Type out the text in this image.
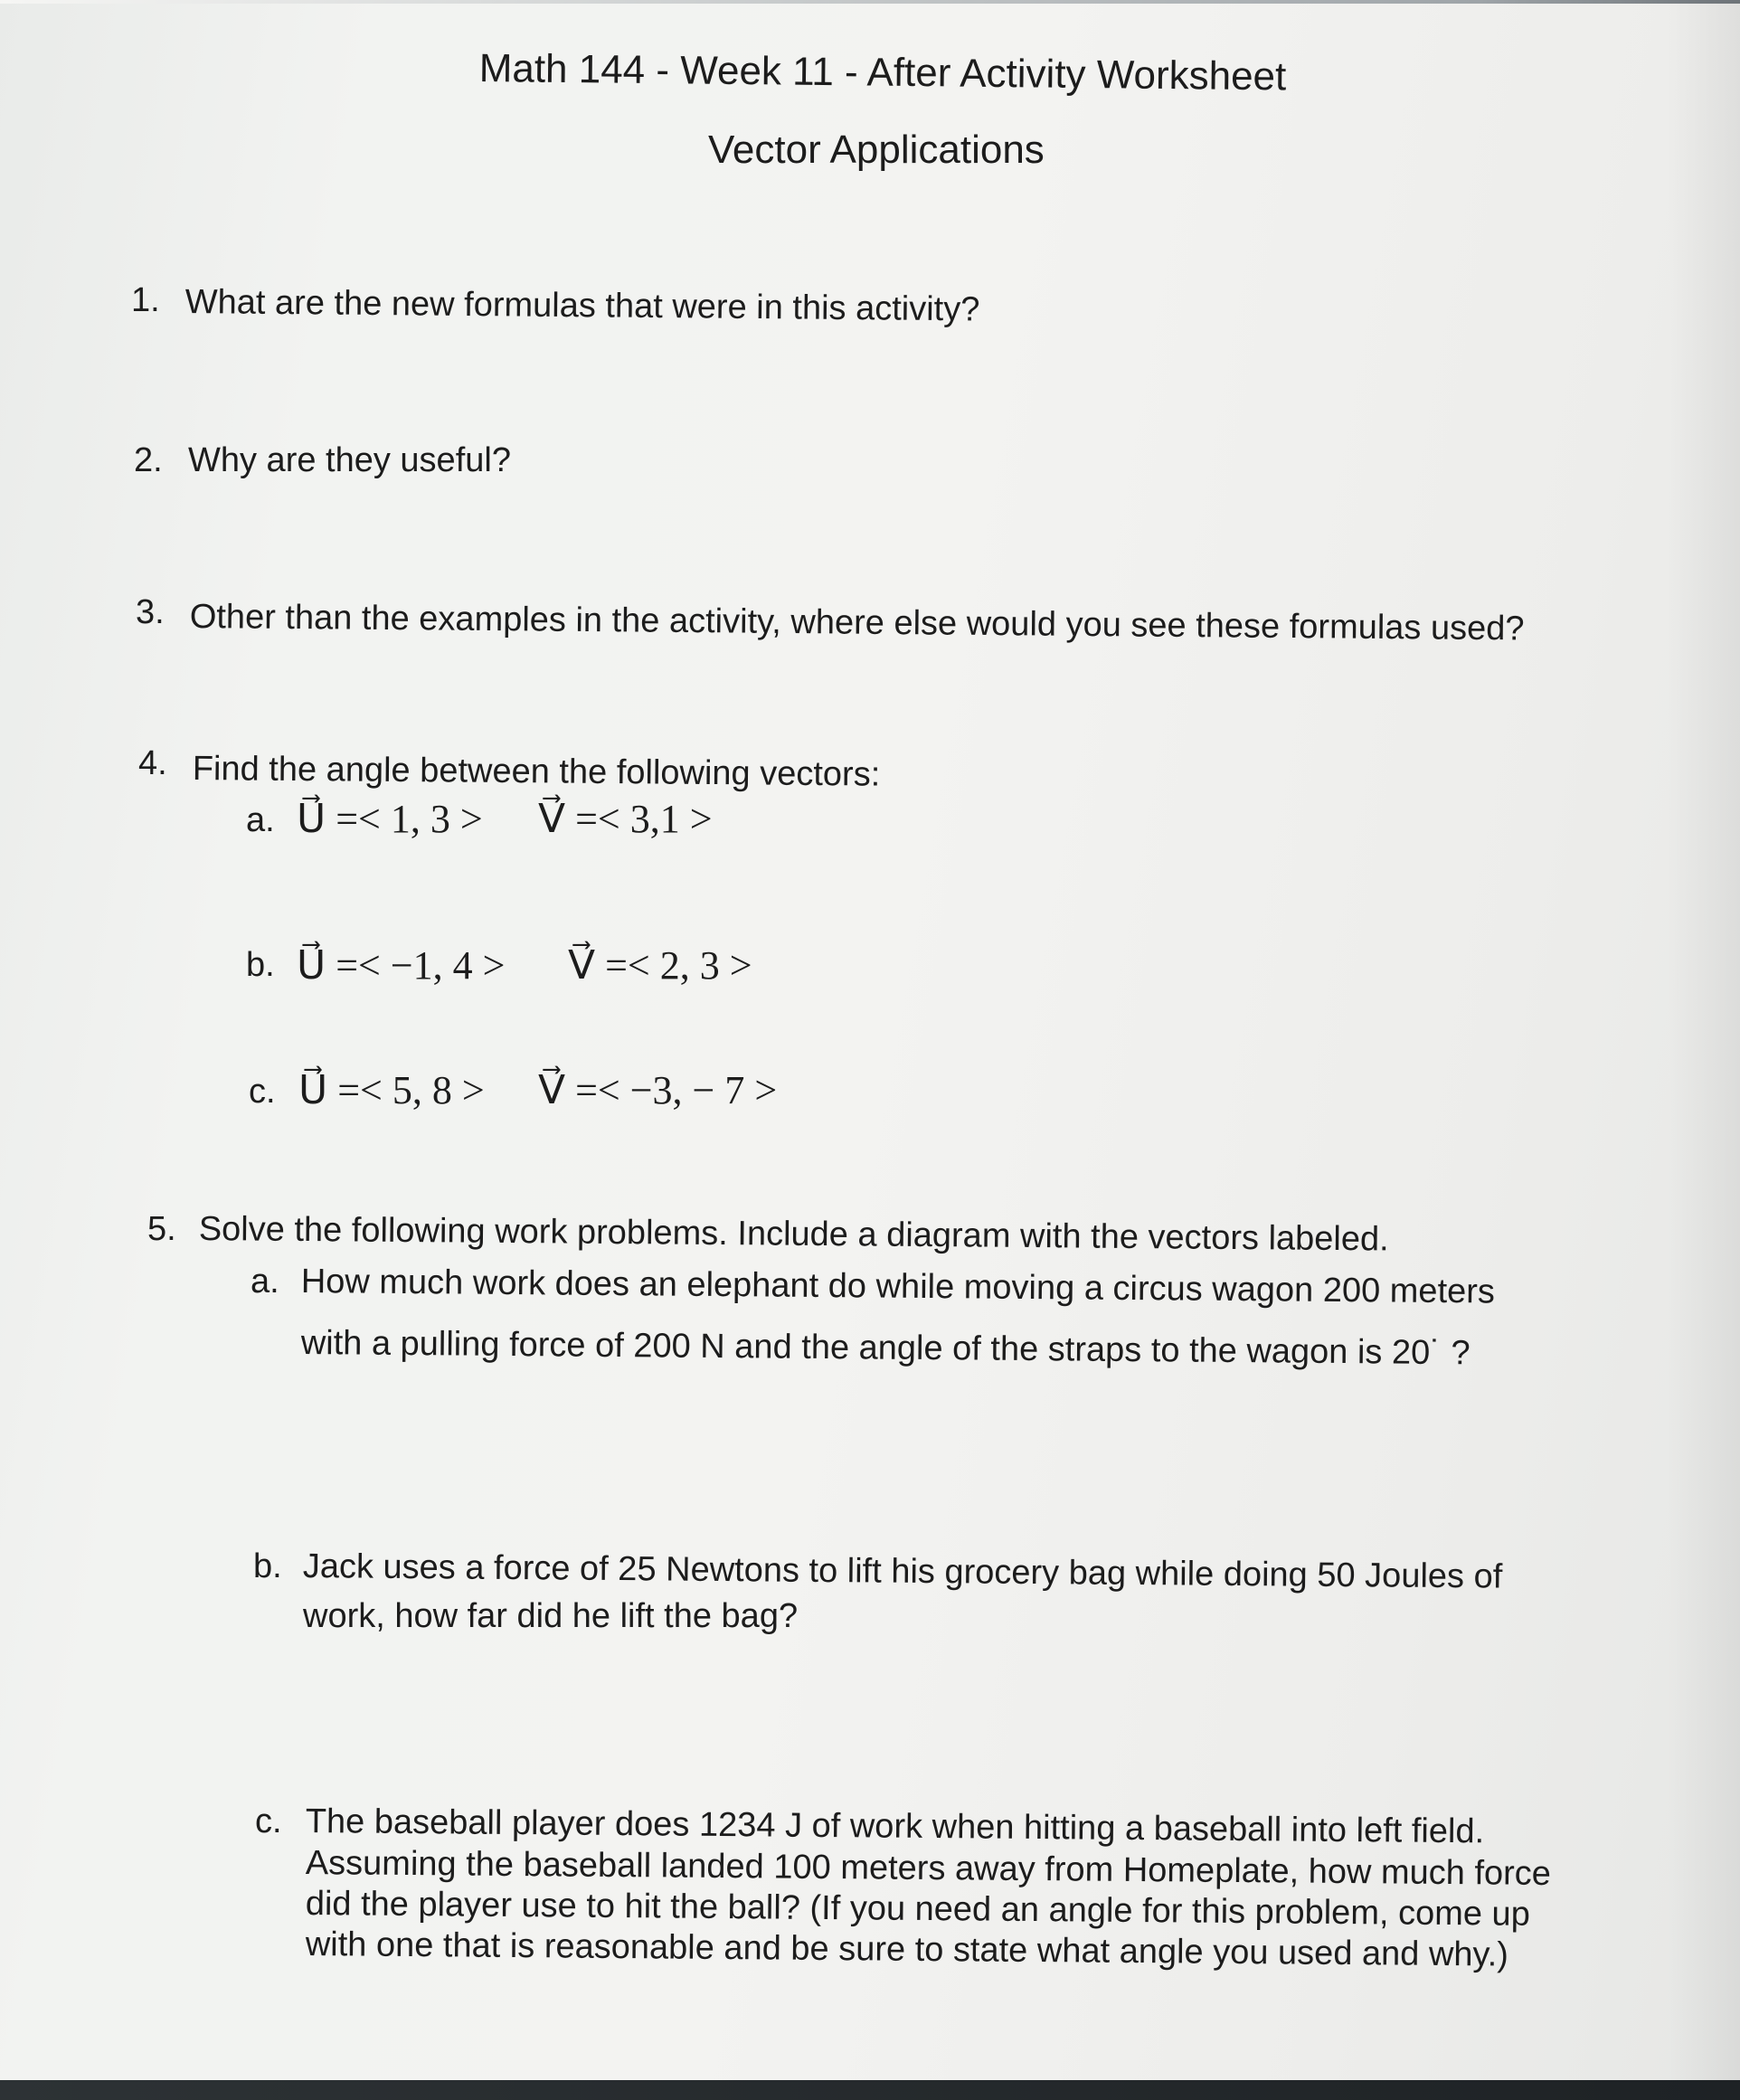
Math 144 - Week 11 - After Activity Worksheet
Vector Applications
1. What are the new formulas that were in this activity?
2. Why are they useful?
3. Other than the examples in the activity, where else would you see these formulas used?
4. Find the angle between the following vectors:
a. U⃗ =< 1, 3 > V⃗ =< 3,1 >
b. U⃗ =< −1, 4 > V⃗ =< 2, 3 >
c. U⃗ =< 5, 8 > V⃗ =< −3, − 7 >
5. Solve the following work problems. Include a diagram with the vectors labeled.
a. How much work does an elephant do while moving a circus wagon 200 meters
with a pulling force of 200 N and the angle of the straps to the wagon is 20˙ ?
b. Jack uses a force of 25 Newtons to lift his grocery bag while doing 50 Joules of
work, how far did he lift the bag?
c. The baseball player does 1234 J of work when hitting a baseball into left field.
Assuming the baseball landed 100 meters away from Homeplate, how much force
did the player use to hit the ball? (If you need an angle for this problem, come up
with one that is reasonable and be sure to state what angle you used and why.)
